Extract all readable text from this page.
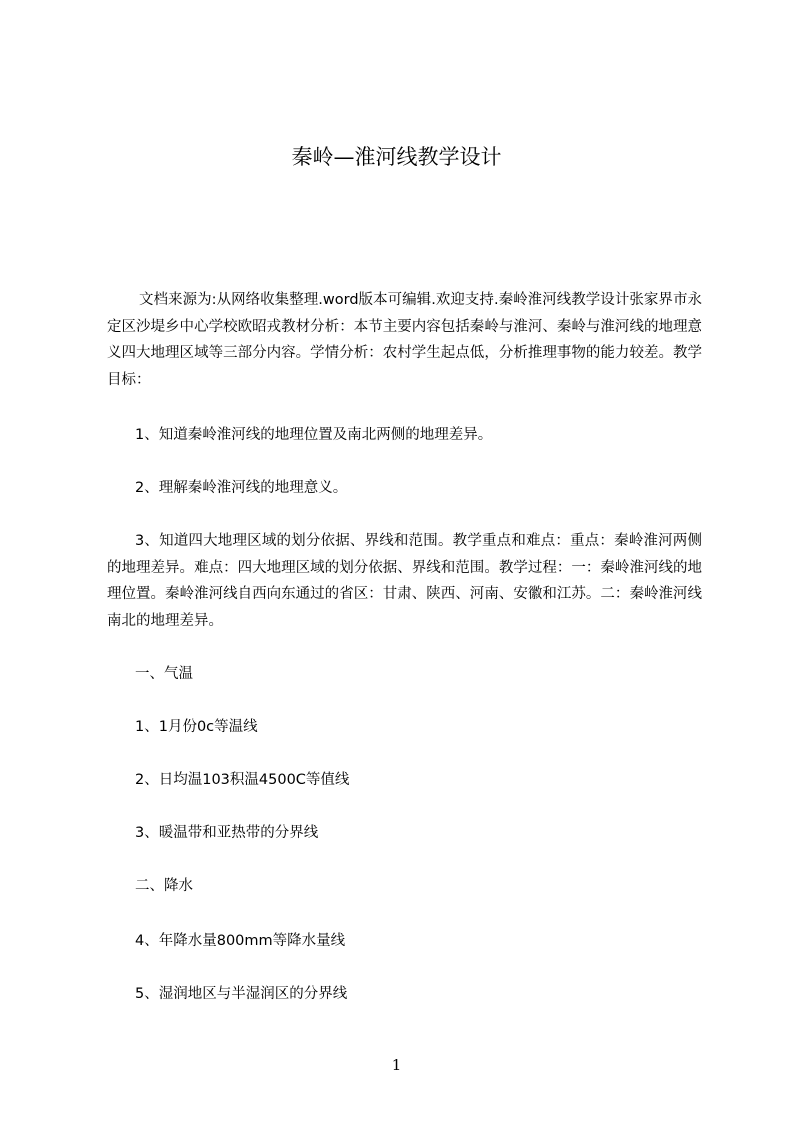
秦岭—淮河线教学设计
文档来源为:从网络收集整理.word版本可编辑.欢迎支持.秦岭淮河线教学设计张家界市永定区沙堤乡中心学校欧昭戎教材分析：本节主要内容包括秦岭与淮河、秦岭与淮河线的地理意义四大地理区域等三部分内容。学情分析：农村学生起点低，分析推理事物的能力较差。教学目标：
1、知道秦岭淮河线的地理位置及南北两侧的地理差异。
2、理解秦岭淮河线的地理意义。
3、知道四大地理区域的划分依据、界线和范围。教学重点和难点：重点：秦岭淮河两侧的地理差异。难点：四大地理区域的划分依据、界线和范围。教学过程：一：秦岭淮河线的地理位置。秦岭淮河线自西向东通过的省区：甘肃、陕西、河南、安徽和江苏。二：秦岭淮河线南北的地理差异。
一、气温
1、1月份0c等温线
2、日均温103积温4500C等值线
3、暖温带和亚热带的分界线
二、降水
4、年降水量800mm等降水量线
5、湿润地区与半湿润区的分界线
1
